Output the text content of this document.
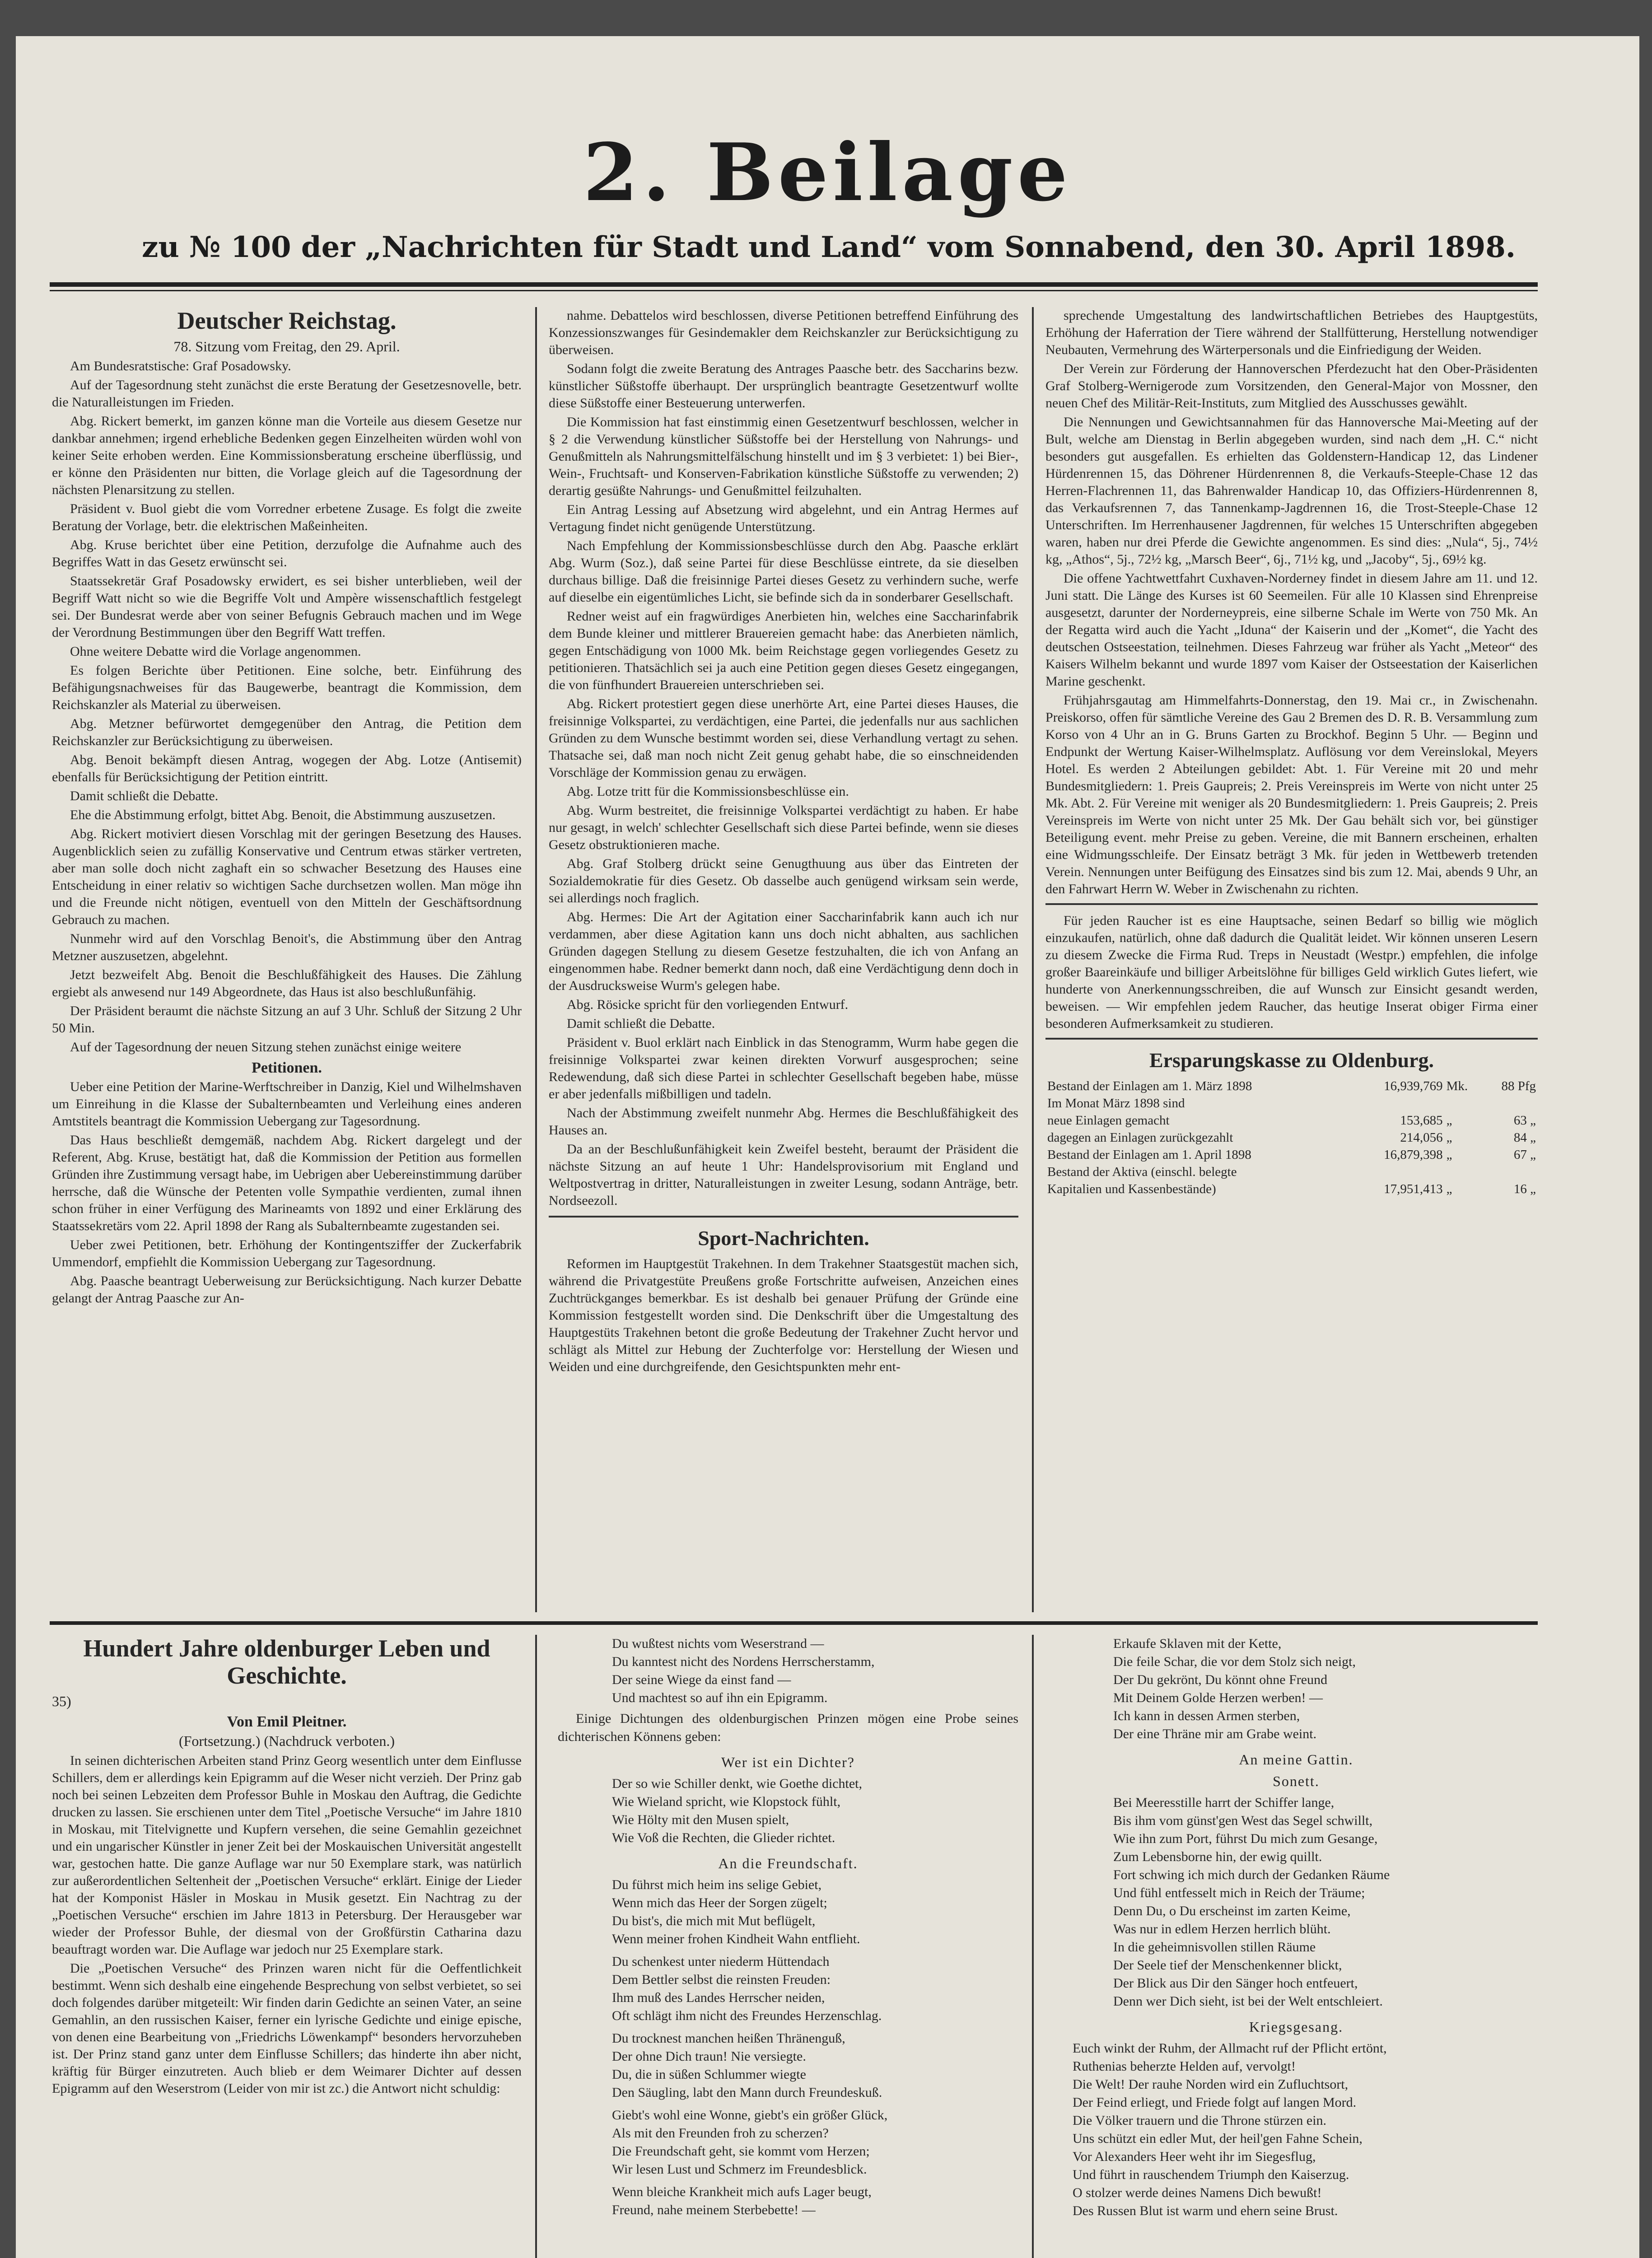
2. Beilage
zu № 100 der „Nachrichten für Stadt und Land“ vom Sonnabend, den 30. April 1898.

Deutscher Reichstag.

78. Sitzung vom Freitag, den 29. April.

Am Bundesratstische: Graf Posadowsky.

Auf der Tagesordnung steht zunächst die erste Beratung der Gesetzesnovelle, betr. die Naturalleistungen im Frieden.

Abg. Rickert bemerkt, im ganzen könne man die Vorteile aus diesem Gesetze nur dankbar annehmen; irgend erhebliche Bedenken gegen Einzelheiten würden wohl von keiner Seite erhoben werden. Eine Kommissionsberatung erscheine überflüssig, und er könne den Präsidenten nur bitten, die Vorlage gleich auf die Tagesordnung der nächsten Plenarsitzung zu stellen.

Präsident v. Buol giebt die vom Vorredner erbetene Zusage. Es folgt die zweite Beratung der Vorlage, betr. die elektrischen Maßeinheiten.

Abg. Kruse berichtet über eine Petition, derzufolge die Aufnahme auch des Begriffes Watt in das Gesetz erwünscht sei.

Staatssekretär Graf Posadowsky erwidert, es sei bisher unterblieben, weil der Begriff Watt nicht so wie die Begriffe Volt und Ampère wissenschaftlich festgelegt sei. Der Bundesrat werde aber von seiner Befugnis Gebrauch machen und im Wege der Verordnung Bestimmungen über den Begriff Watt treffen.

Ohne weitere Debatte wird die Vorlage angenommen.

Es folgen Berichte über Petitionen. Eine solche, betr. Einführung des Befähigungsnachweises für das Baugewerbe, beantragt die Kommission, dem Reichskanzler als Material zu überweisen.

Abg. Metzner befürwortet demgegenüber den Antrag, die Petition dem Reichskanzler zur Berücksichtigung zu überweisen.

Abg. Benoit bekämpft diesen Antrag, wogegen der Abg. Lotze (Antisemit) ebenfalls für Berücksichtigung der Petition eintritt.

Damit schließt die Debatte.

Ehe die Abstimmung erfolgt, bittet Abg. Benoit, die Abstimmung auszusetzen.

Abg. Rickert motiviert diesen Vorschlag mit der geringen Besetzung des Hauses. Augenblicklich seien zu zufällig Konservative und Centrum etwas stärker vertreten, aber man solle doch nicht zaghaft ein so schwacher Besetzung des Hauses eine Entscheidung in einer relativ so wichtigen Sache durchsetzen wollen. Man möge ihn und die Freunde nicht nötigen, eventuell von den Mitteln der Geschäftsordnung Gebrauch zu machen.

Nunmehr wird auf den Vorschlag Benoit's, die Abstimmung über den Antrag Metzner auszusetzen, abgelehnt.

Jetzt bezweifelt Abg. Benoit die Beschlußfähigkeit des Hauses. Die Zählung ergiebt als anwesend nur 149 Abgeordnete, das Haus ist also beschlußunfähig.

Der Präsident beraumt die nächste Sitzung an auf 3 Uhr. Schluß der Sitzung 2 Uhr 50 Min.

Auf der Tagesordnung der neuen Sitzung stehen zunächst einige weitere

Petitionen.

Ueber eine Petition der Marine-Werftschreiber in Danzig, Kiel und Wilhelmshaven um Einreihung in die Klasse der Subalternbeamten und Verleihung eines anderen Amtstitels beantragt die Kommission Uebergang zur Tagesordnung.

Das Haus beschließt demgemäß, nachdem Abg. Rickert dargelegt und der Referent, Abg. Kruse, bestätigt hat, daß die Kommission der Petition aus formellen Gründen ihre Zustimmung versagt habe, im Uebrigen aber Uebereinstimmung darüber herrsche, daß die Wünsche der Petenten volle Sympathie verdienten, zumal ihnen schon früher in einer Verfügung des Marineamts von 1892 und einer Erklärung des Staatssekretärs vom 22. April 1898 der Rang als Subalternbeamte zugestanden sei.

Ueber zwei Petitionen, betr. Erhöhung der Kontingentsziffer der Zuckerfabrik Ummendorf, empfiehlt die Kommission Uebergang zur Tagesordnung.

Abg. Paasche beantragt Ueberweisung zur Berücksichtigung. Nach kurzer Debatte gelangt der Antrag Paasche zur An-

nahme. Debattelos wird beschlossen, diverse Petitionen betreffend Einführung des Konzessionszwanges für Gesindemakler dem Reichskanzler zur Berücksichtigung zu überweisen.

Sodann folgt die zweite Beratung des Antrages Paasche betr. des Saccharins bezw. künstlicher Süßstoffe überhaupt. Der ursprünglich beantragte Gesetzentwurf wollte diese Süßstoffe einer Besteuerung unterwerfen.

Die Kommission hat fast einstimmig einen Gesetzentwurf beschlossen, welcher in § 2 die Verwendung künstlicher Süßstoffe bei der Herstellung von Nahrungs- und Genußmitteln als Nahrungsmittelfälschung hinstellt und im § 3 verbietet: 1) bei Bier-, Wein-, Fruchtsaft- und Konserven-Fabrikation künstliche Süßstoffe zu verwenden; 2) derartig gesüßte Nahrungs- und Genußmittel feilzuhalten.

Ein Antrag Lessing auf Absetzung wird abgelehnt, und ein Antrag Hermes auf Vertagung findet nicht genügende Unterstützung.

Nach Empfehlung der Kommissionsbeschlüsse durch den Abg. Paasche erklärt Abg. Wurm (Soz.), daß seine Partei für diese Beschlüsse eintrete, da sie dieselben durchaus billige. Daß die freisinnige Partei dieses Gesetz zu verhindern suche, werfe auf dieselbe ein eigentümliches Licht, sie befinde sich da in sonderbarer Gesellschaft.

Redner weist auf ein fragwürdiges Anerbieten hin, welches eine Saccharinfabrik dem Bunde kleiner und mittlerer Brauereien gemacht habe: das Anerbieten nämlich, gegen Entschädigung von 1000 Mk. beim Reichstage gegen vorliegendes Gesetz zu petitionieren. Thatsächlich sei ja auch eine Petition gegen dieses Gesetz eingegangen, die von fünfhundert Brauereien unterschrieben sei.

Abg. Rickert protestiert gegen diese unerhörte Art, eine Partei dieses Hauses, die freisinnige Volkspartei, zu verdächtigen, eine Partei, die jedenfalls nur aus sachlichen Gründen zu dem Wunsche bestimmt worden sei, diese Verhandlung vertagt zu sehen. Thatsache sei, daß man noch nicht Zeit genug gehabt habe, die so einschneidenden Vorschläge der Kommission genau zu erwägen.

Abg. Lotze tritt für die Kommissionsbeschlüsse ein.

Abg. Wurm bestreitet, die freisinnige Volkspartei verdächtigt zu haben. Er habe nur gesagt, in welch' schlechter Gesellschaft sich diese Partei befinde, wenn sie dieses Gesetz obstruktionieren mache.

Abg. Graf Stolberg drückt seine Genugthuung aus über das Eintreten der Sozialdemokratie für dies Gesetz. Ob dasselbe auch genügend wirksam sein werde, sei allerdings noch fraglich.

Abg. Hermes: Die Art der Agitation einer Saccharinfabrik kann auch ich nur verdammen, aber diese Agitation kann uns doch nicht abhalten, aus sachlichen Gründen dagegen Stellung zu diesem Gesetze festzuhalten, die ich von Anfang an eingenommen habe. Redner bemerkt dann noch, daß eine Verdächtigung denn doch in der Ausdrucksweise Wurm's gelegen habe.

Abg. Rösicke spricht für den vorliegenden Entwurf.

Damit schließt die Debatte.

Präsident v. Buol erklärt nach Einblick in das Stenogramm, Wurm habe gegen die freisinnige Volkspartei zwar keinen direkten Vorwurf ausgesprochen; seine Redewendung, daß sich diese Partei in schlechter Gesellschaft begeben habe, müsse er aber jedenfalls mißbilligen und tadeln.

Nach der Abstimmung zweifelt nunmehr Abg. Hermes die Beschlußfähigkeit des Hauses an.

Da an der Beschlußunfähigkeit kein Zweifel besteht, beraumt der Präsident die nächste Sitzung an auf heute 1 Uhr: Handelsprovisorium mit England und Weltpostvertrag in dritter, Naturalleistungen in zweiter Lesung, sodann Anträge, betr. Nordseezoll.

Sport-Nachrichten.

Reformen im Hauptgestüt Trakehnen. In dem Trakehner Staatsgestüt machen sich, während die Privatgestüte Preußens große Fortschritte aufweisen, Anzeichen eines Zuchtrückganges bemerkbar. Es ist deshalb bei genauer Prüfung der Gründe eine Kommission festgestellt worden sind. Die Denkschrift über die Umgestaltung des Hauptgestüts Trakehnen betont die große Bedeutung der Trakehner Zucht hervor und schlägt als Mittel zur Hebung der Zuchterfolge vor: Herstellung der Wiesen und Weiden und eine durchgreifende, den Gesichtspunkten mehr ent-

sprechende Umgestaltung des landwirtschaftlichen Betriebes des Hauptgestüts, Erhöhung der Haferration der Tiere während der Stallfütterung, Herstellung notwendiger Neubauten, Vermehrung des Wärterpersonals und die Einfriedigung der Weiden.

Der Verein zur Förderung der Hannoverschen Pferdezucht hat den Ober-Präsidenten Graf Stolberg-Wernigerode zum Vorsitzenden, den General-Major von Mossner, den neuen Chef des Militär-Reit-Instituts, zum Mitglied des Ausschusses gewählt.

Die Nennungen und Gewichtsannahmen für das Hannoversche Mai-Meeting auf der Bult, welche am Dienstag in Berlin abgegeben wurden, sind nach dem „H. C.“ nicht besonders gut ausgefallen. Es erhielten das Goldenstern-Handicap 12, das Lindener Hürdenrennen 15, das Döhrener Hürdenrennen 8, die Verkaufs-Steeple-Chase 12 das Herren-Flachrennen 11, das Bahrenwalder Handicap 10, das Offiziers-Hürdenrennen 8, das Verkaufsrennen 7, das Tannenkamp-Jagdrennen 16, die Trost-Steeple-Chase 12 Unterschriften. Im Herrenhausener Jagdrennen, für welches 15 Unterschriften abgegeben waren, haben nur drei Pferde die Gewichte angenommen. Es sind dies: „Nula“, 5j., 74½ kg, „Athos“, 5j., 72½ kg, „Marsch Beer“, 6j., 71½ kg, und „Jacoby“, 5j., 69½ kg.

Die offene Yachtwettfahrt Cuxhaven-Norderney findet in diesem Jahre am 11. und 12. Juni statt. Die Länge des Kurses ist 60 Seemeilen. Für alle 10 Klassen sind Ehrenpreise ausgesetzt, darunter der Norderneypreis, eine silberne Schale im Werte von 750 Mk. An der Regatta wird auch die Yacht „Iduna“ der Kaiserin und der „Komet“, die Yacht des deutschen Ostseestation, teilnehmen. Dieses Fahrzeug war früher als Yacht „Meteor“ des Kaisers Wilhelm bekannt und wurde 1897 vom Kaiser der Ostseestation der Kaiserlichen Marine geschenkt.

Frühjahrsgautag am Himmelfahrts-Donnerstag, den 19. Mai cr., in Zwischenahn. Preiskorso, offen für sämtliche Vereine des Gau 2 Bremen des D. R. B. Versammlung zum Korso von 4 Uhr an in G. Bruns Garten zu Brockhof. Beginn 5 Uhr. — Beginn und Endpunkt der Wertung Kaiser-Wilhelmsplatz. Auflösung vor dem Vereinslokal, Meyers Hotel. Es werden 2 Abteilungen gebildet: Abt. 1. Für Vereine mit 20 und mehr Bundesmitgliedern: 1. Preis Gaupreis; 2. Preis Vereinspreis im Werte von nicht unter 25 Mk. Abt. 2. Für Vereine mit weniger als 20 Bundesmitgliedern: 1. Preis Gaupreis; 2. Preis Vereinspreis im Werte von nicht unter 25 Mk. Der Gau behält sich vor, bei günstiger Beteiligung event. mehr Preise zu geben. Vereine, die mit Bannern erscheinen, erhalten eine Widmungsschleife. Der Einsatz beträgt 3 Mk. für jeden in Wettbewerb tretenden Verein. Nennungen unter Beifügung des Einsatzes sind bis zum 12. Mai, abends 9 Uhr, an den Fahrwart Herrn W. Weber in Zwischenahn zu richten.

Für jeden Raucher ist es eine Hauptsache, seinen Bedarf so billig wie möglich einzukaufen, natürlich, ohne daß dadurch die Qualität leidet. Wir können unseren Lesern zu diesem Zwecke die Firma Rud. Treps in Neustadt (Westpr.) empfehlen, die infolge großer Baareinkäufe und billiger Arbeitslöhne für billiges Geld wirklich Gutes liefert, wie hunderte von Anerkennungsschreiben, die auf Wunsch zur Einsicht gesandt werden, beweisen. — Wir empfehlen jedem Raucher, das heutige Inserat obiger Firma einer besonderen Aufmerksamkeit zu studieren.

Ersparungskasse zu Oldenburg.

Bestand der Einlagen am 1. März 1898	16,939,769	Mk.	88 Pfg
Im Monat März 1898 sind			
neue Einlagen gemacht	153,685	„	63 „
dagegen an Einlagen zurückgezahlt	214,056	„	84 „
Bestand der Einlagen am 1. April 1898	16,879,398	„	67 „
Bestand der Aktiva (einschl. belegte			
Kapitalien und Kassenbestände)	17,951,413	„	16 „

Hundert Jahre oldenburger Leben und Geschichte.

35)

Von Emil Pleitner.

(Fortsetzung.) (Nachdruck verboten.)

In seinen dichterischen Arbeiten stand Prinz Georg wesentlich unter dem Einflusse Schillers, dem er allerdings kein Epigramm auf die Weser nicht verzieh. Der Prinz gab noch bei seinen Lebzeiten dem Professor Buhle in Moskau den Auftrag, die Gedichte drucken zu lassen. Sie erschienen unter dem Titel „Poetische Versuche“ im Jahre 1810 in Moskau, mit Titelvignette und Kupfern versehen, die seine Gemahlin gezeichnet und ein ungarischer Künstler in jener Zeit bei der Moskauischen Universität angestellt war, gestochen hatte. Die ganze Auflage war nur 50 Exemplare stark, was natürlich zur außerordentlichen Seltenheit der „Poetischen Versuche“ erklärt. Einige der Lieder hat der Komponist Häsler in Moskau in Musik gesetzt. Ein Nachtrag zu der „Poetischen Versuche“ erschien im Jahre 1813 in Petersburg. Der Herausgeber war wieder der Professor Buhle, der diesmal von der Großfürstin Catharina dazu beauftragt worden war. Die Auflage war jedoch nur 25 Exemplare stark.

Die „Poetischen Versuche“ des Prinzen waren nicht für die Oeffentlichkeit bestimmt. Wenn sich deshalb eine eingehende Besprechung von selbst verbietet, so sei doch folgendes darüber mitgeteilt: Wir finden darin Gedichte an seinen Vater, an seine Gemahlin, an den russischen Kaiser, ferner ein lyrische Gedichte und einige epische, von denen eine Bearbeitung von „Friedrichs Löwenkampf“ besonders hervorzuheben ist. Der Prinz stand ganz unter dem Einflusse Schillers; das hinderte ihn aber nicht, kräftig für Bürger einzutreten. Auch blieb er dem Weimarer Dichter auf dessen Epigramm auf den Weserstrom (Leider von mir ist zc.) die Antwort nicht schuldig:

Du wußtest nichts vom Weserstrand —

Du kanntest nicht des Nordens Herrscherstamm,

Der seine Wiege da einst fand —

Und machtest so auf ihn ein Epigramm.

Einige Dichtungen des oldenburgischen Prinzen mögen eine Probe seines dichterischen Könnens geben:

Wer ist ein Dichter?

Der so wie Schiller denkt, wie Goethe dichtet,

Wie Wieland spricht, wie Klopstock fühlt,

Wie Hölty mit den Musen spielt,

Wie Voß die Rechten, die Glieder richtet.

An die Freundschaft.

Du führst mich heim ins selige Gebiet,

Wenn mich das Heer der Sorgen zügelt;

Du bist's, die mich mit Mut beflügelt,

Wenn meiner frohen Kindheit Wahn entflieht.

Du schenkest unter niederm Hüttendach

Dem Bettler selbst die reinsten Freuden:

Ihm muß des Landes Herrscher neiden,

Oft schlägt ihm nicht des Freundes Herzenschlag.

Du trocknest manchen heißen Thränenguß,

Der ohne Dich traun! Nie versiegte.

Du, die in süßen Schlummer wiegte

Den Säugling, labt den Mann durch Freundeskuß.

Giebt's wohl eine Wonne, giebt's ein größer Glück,

Als mit den Freunden froh zu scherzen?

Die Freundschaft geht, sie kommt vom Herzen;

Wir lesen Lust und Schmerz im Freundesblick.

Wenn bleiche Krankheit mich aufs Lager beugt,

Freund, nahe meinem Sterbebette! —

Erkaufe Sklaven mit der Kette,

Die feile Schar, die vor dem Stolz sich neigt,

Der Du gekrönt, Du könnt ohne Freund

Mit Deinem Golde Herzen werben! —

Ich kann in dessen Armen sterben,

Der eine Thräne mir am Grabe weint.

An meine Gattin.

Sonett.

Bei Meeresstille harrt der Schiffer lange,

Bis ihm vom günst'gen West das Segel schwillt,

Wie ihn zum Port, führst Du mich zum Gesange,

Zum Lebensborne hin, der ewig quillt.

Fort schwing ich mich durch der Gedanken Räume

Und fühl entfesselt mich in Reich der Träume;

Denn Du, o Du erscheinst im zarten Keime,

Was nur in edlem Herzen herrlich blüht.

In die geheimnisvollen stillen Räume

Der Seele tief der Menschenkenner blickt,

Der Blick aus Dir den Sänger hoch entfeuert,

Denn wer Dich sieht, ist bei der Welt entschleiert.

Kriegsgesang.

Euch winkt der Ruhm, der Allmacht ruf der Pflicht ertönt,

Ruthenias beherzte Helden auf, vervolgt!

Die Welt! Der rauhe Norden wird ein Zufluchtsort,

Der Feind erliegt, und Friede folgt auf langen Mord.

Die Völker trauern und die Throne stürzen ein.

Uns schützt ein edler Mut, der heil'gen Fahne Schein,

Vor Alexanders Heer weht ihr im Siegesflug,

Und führt in rauschendem Triumph den Kaiserzug.

O stolzer werde deines Namens Dich bewußt!

Des Russen Blut ist warm und ehern seine Brust.
